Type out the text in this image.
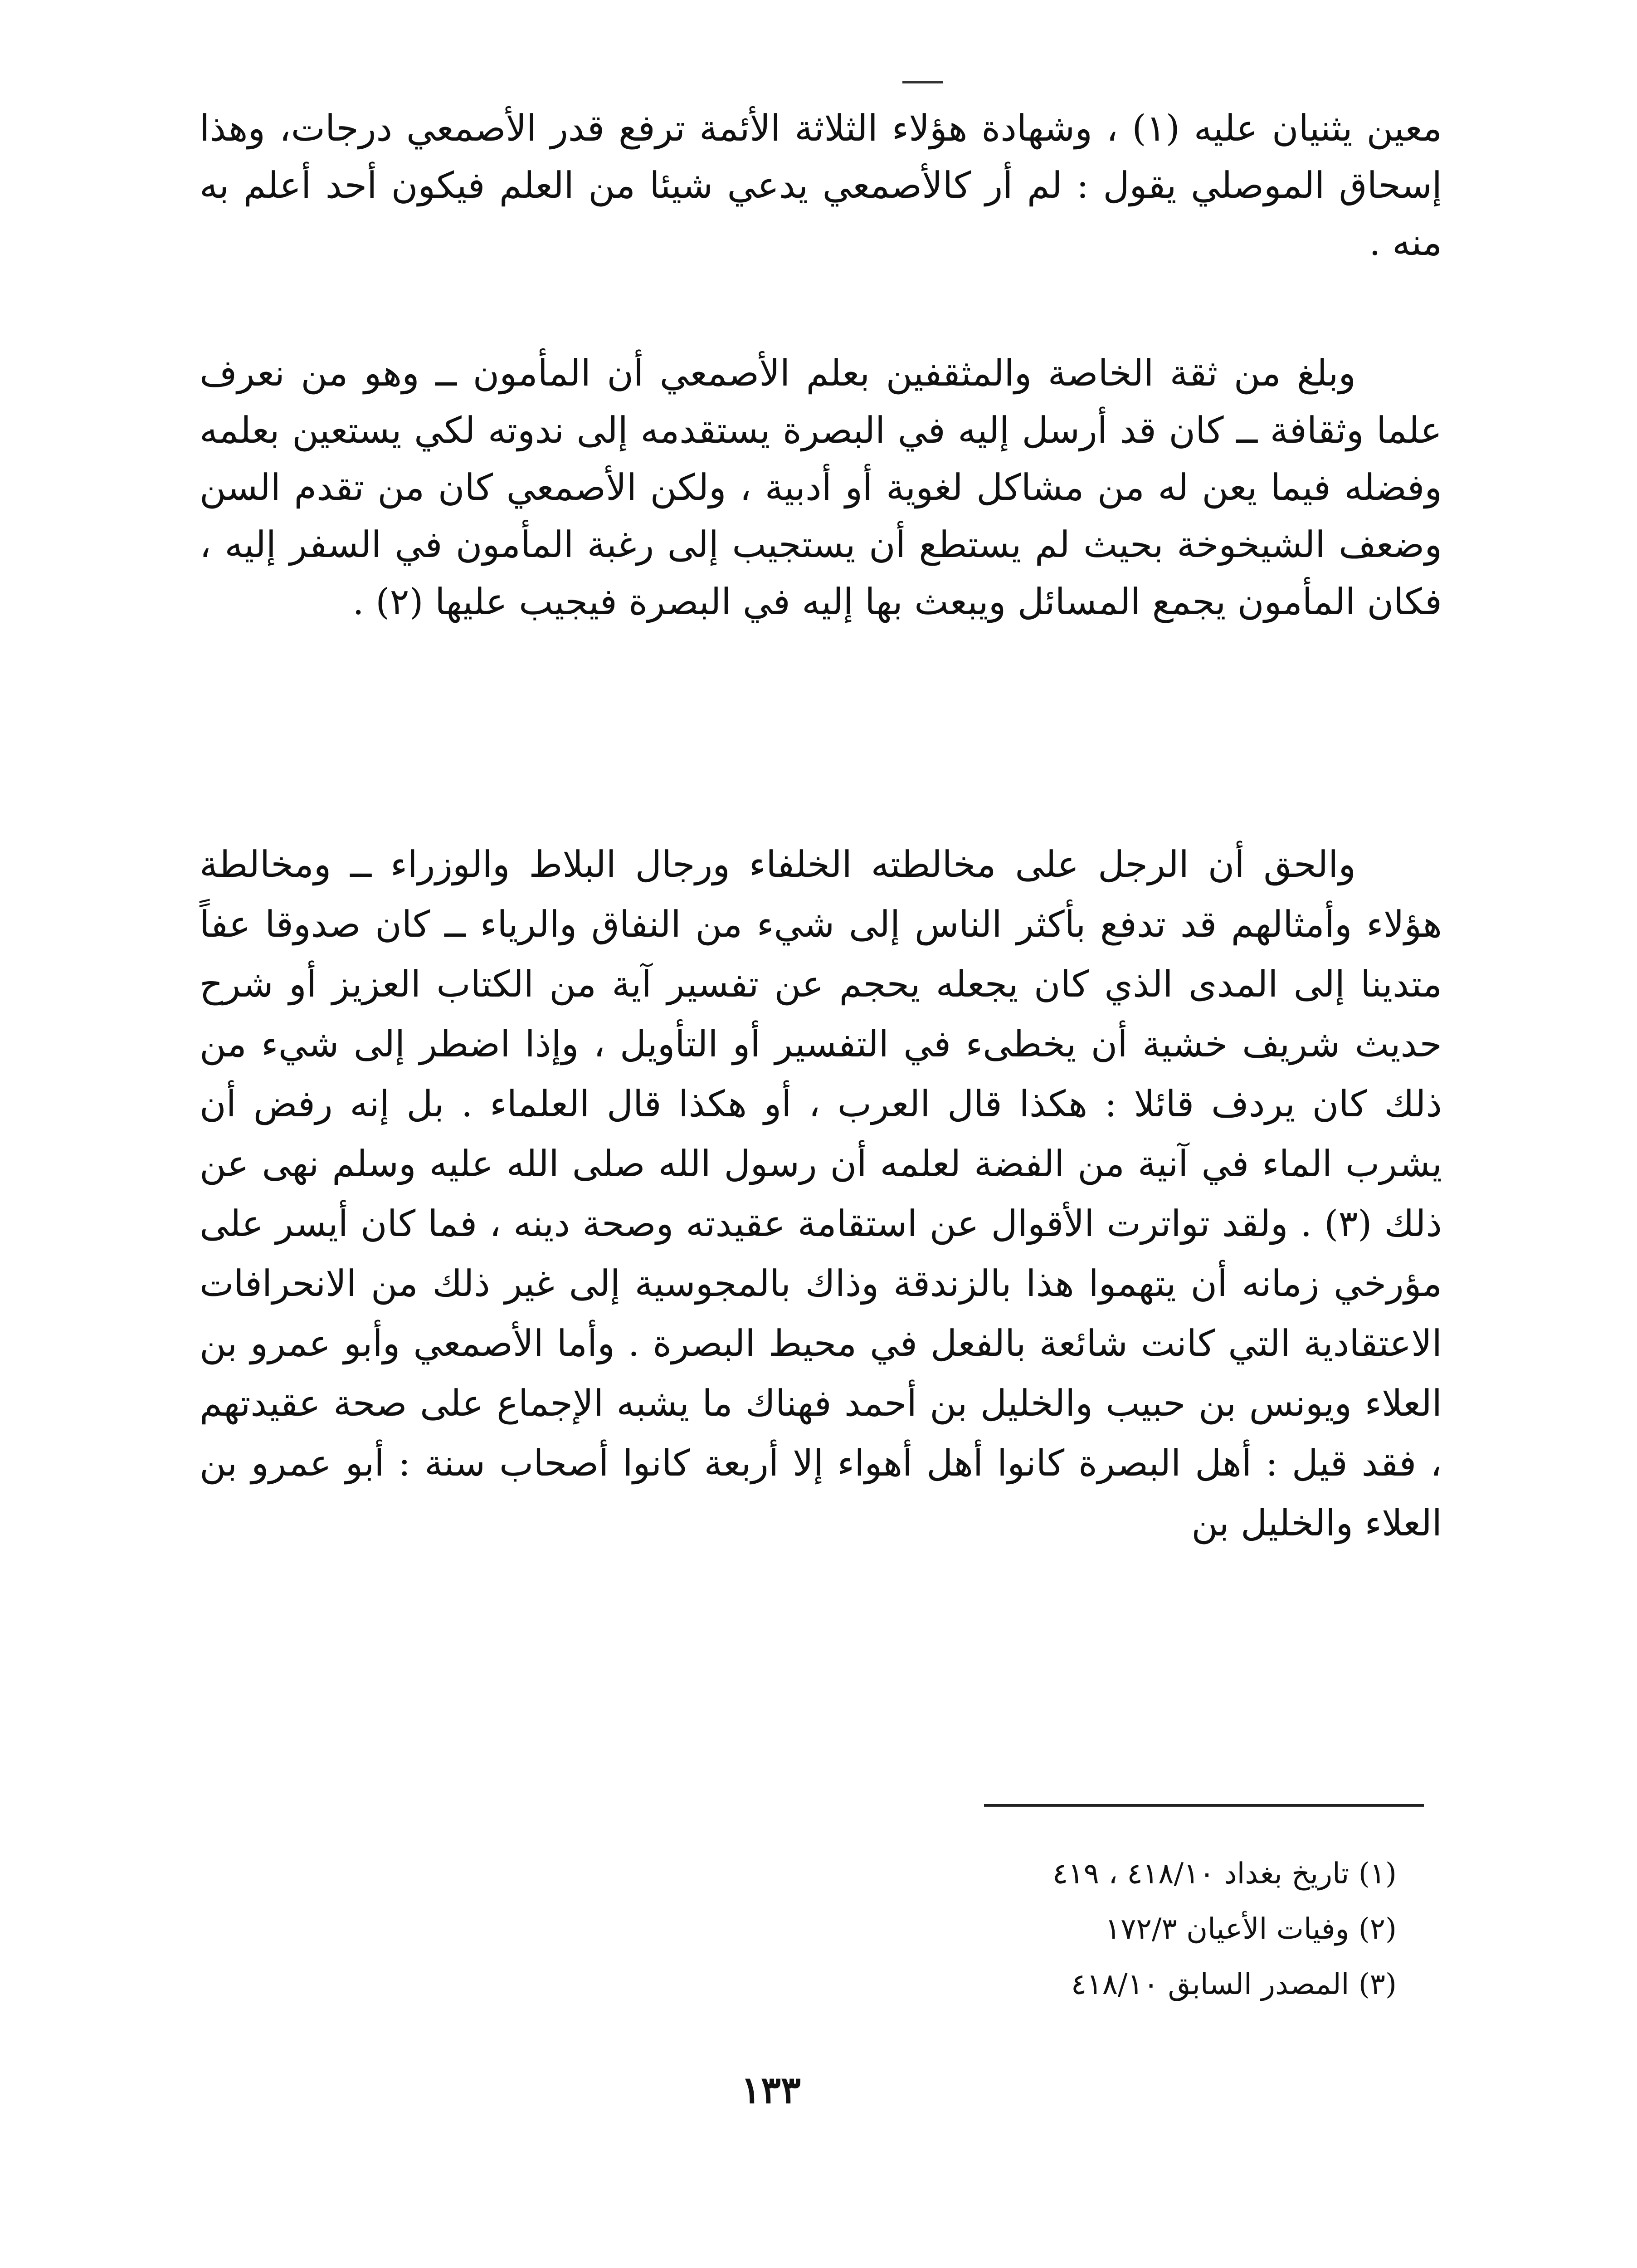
معين يثنيان عليه (١) ، وشهادة هؤلاء الثلاثة الأئمة ترفع قدر الأصمعي درجات، وهذا إسحاق الموصلي يقول : لم أر كالأصمعي يدعي شيئا من العلم فيكون أحد أعلم به منه .

وبلغ من ثقة الخاصة والمثقفين بعلم الأصمعي أن المأمون ــ وهو من نعرف علما وثقافة ــ كان قد أرسل إليه في البصرة يستقدمه إلى ندوته لكي يستعين بعلمه وفضله فيما يعن له من مشاكل لغوية أو أدبية ، ولكن الأصمعي كان من تقدم السن وضعف الشيخوخة بحيث لم يستطع أن يستجيب إلى رغبة المأمون في السفر إليه ، فكان المأمون يجمع المسائل ويبعث بها إليه في البصرة فيجيب عليها (٢) .

والحق أن الرجل على مخالطته الخلفاء ورجال البلاط والوزراء ــ ومخالطة هؤلاء وأمثالهم قد تدفع بأكثر الناس إلى شيء من النفاق والرياء ــ كان صدوقا عفاً متدينا إلى المدى الذي كان يجعله يحجم عن تفسير آية من الكتاب العزيز أو شرح حديث شريف خشية أن يخطىء في التفسير أو التأويل ، وإذا اضطر إلى شيء من ذلك كان يردف قائلا : هكذا قال العرب ، أو هكذا قال العلماء . بل إنه رفض أن يشرب الماء في آنية من الفضة لعلمه أن رسول الله صلى الله عليه وسلم نهى عن ذلك (٣) . ولقد تواترت الأقوال عن استقامة عقيدته وصحة دينه ، فما كان أيسر على مؤرخي زمانه أن يتهموا هذا بالزندقة وذاك بالمجوسية إلى غير ذلك من الانحرافات الاعتقادية التي كانت شائعة بالفعل في محيط البصرة . وأما الأصمعي وأبو عمرو بن العلاء ويونس بن حبيب والخليل بن أحمد فهناك ما يشبه الإجماع على صحة عقيدتهم ، فقد قيل : أهل البصرة كانوا أهل أهواء إلا أربعة كانوا أصحاب سنة : أبو عمرو بن العلاء والخليل بن

(١) تاريخ بغداد ٤١٨/١٠ ، ٤١٩

(٢) وفيات الأعيان ١٧٢/٣

(٣) المصدر السابق ٤١٨/١٠

١٣٣
